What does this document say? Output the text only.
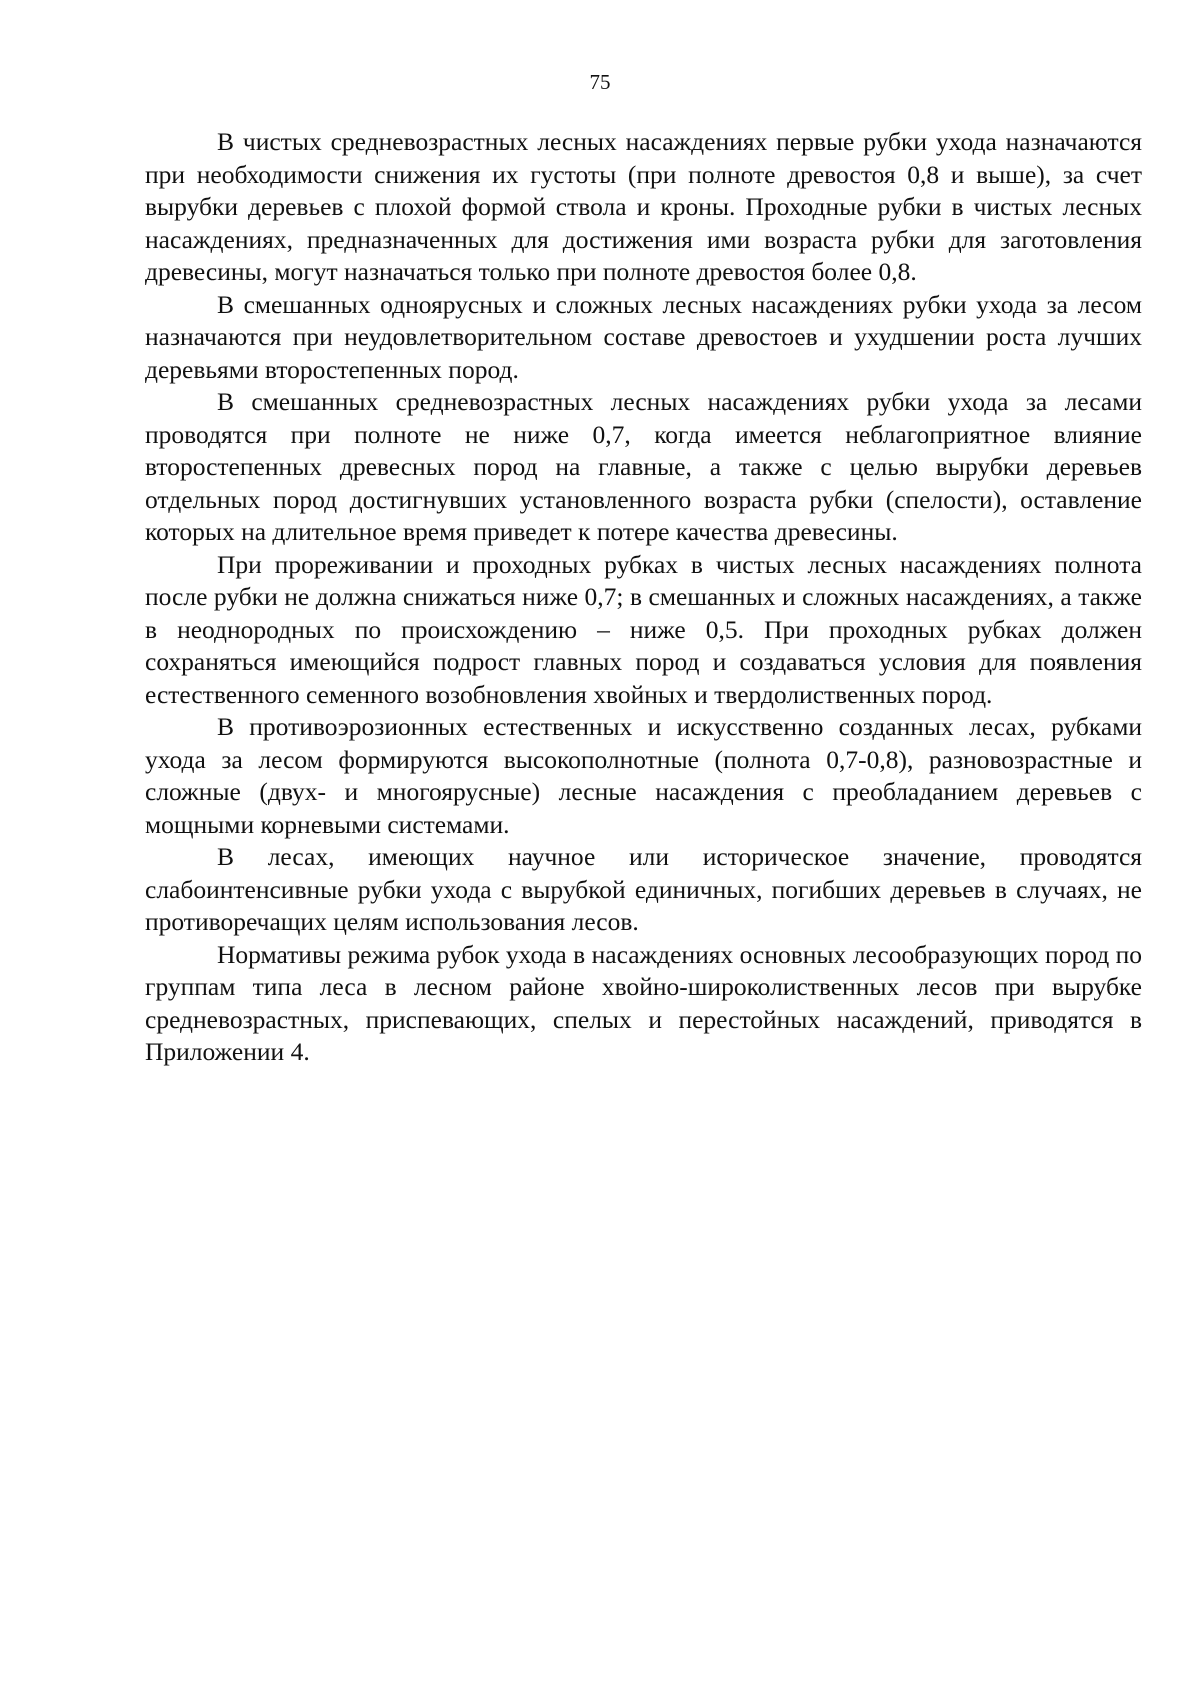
75

В чистых средневозрастных лесных насаждениях первые рубки ухода назначаются при необходимости снижения их густоты (при полноте древостоя 0,8 и выше), за счет вырубки деревьев с плохой формой ствола и кроны. Проходные рубки в чистых лесных насаждениях, предназначенных для достижения ими возраста рубки для заготовления древесины, могут назначаться только при полноте древостоя более 0,8.

В смешанных одноярусных и сложных лесных насаждениях рубки ухода за лесом назначаются при неудовлетворительном составе древостоев и ухудшении роста лучших деревьями второстепенных пород.

В смешанных средневозрастных лесных насаждениях рубки ухода за лесами проводятся при полноте не ниже 0,7, когда имеется неблагоприятное влияние второстепенных древесных пород на главные, а также с целью вырубки деревьев отдельных пород достигнувших установленного возраста рубки (спелости), оставление которых на длительное время приведет к потере качества древесины.

При прореживании и проходных рубках в чистых лесных насаждениях полнота после рубки не должна снижаться ниже 0,7; в смешанных и сложных насаждениях, а также в неоднородных по происхождению – ниже 0,5. При проходных рубках должен сохраняться имеющийся подрост главных пород и создаваться условия для появления естественного семенного возобновления хвойных и твердолиственных пород.

В противоэрозионных естественных и искусственно созданных лесах, рубками ухода за лесом формируются высокополнотные (полнота 0,7-0,8), разновозрастные и сложные (двух- и многоярусные) лесные насаждения с преобладанием деревьев с мощными корневыми системами.

В лесах, имеющих научное или историческое значение, проводятся слабоинтенсивные рубки ухода с вырубкой единичных, погибших деревьев в случаях, не противоречащих целям использования лесов.

Нормативы режима рубок ухода в насаждениях основных лесообразующих пород по группам типа леса в лесном районе хвойно-широколиственных лесов при вырубке средневозрастных, приспевающих, спелых и перестойных насаждений, приводятся в Приложении 4.
